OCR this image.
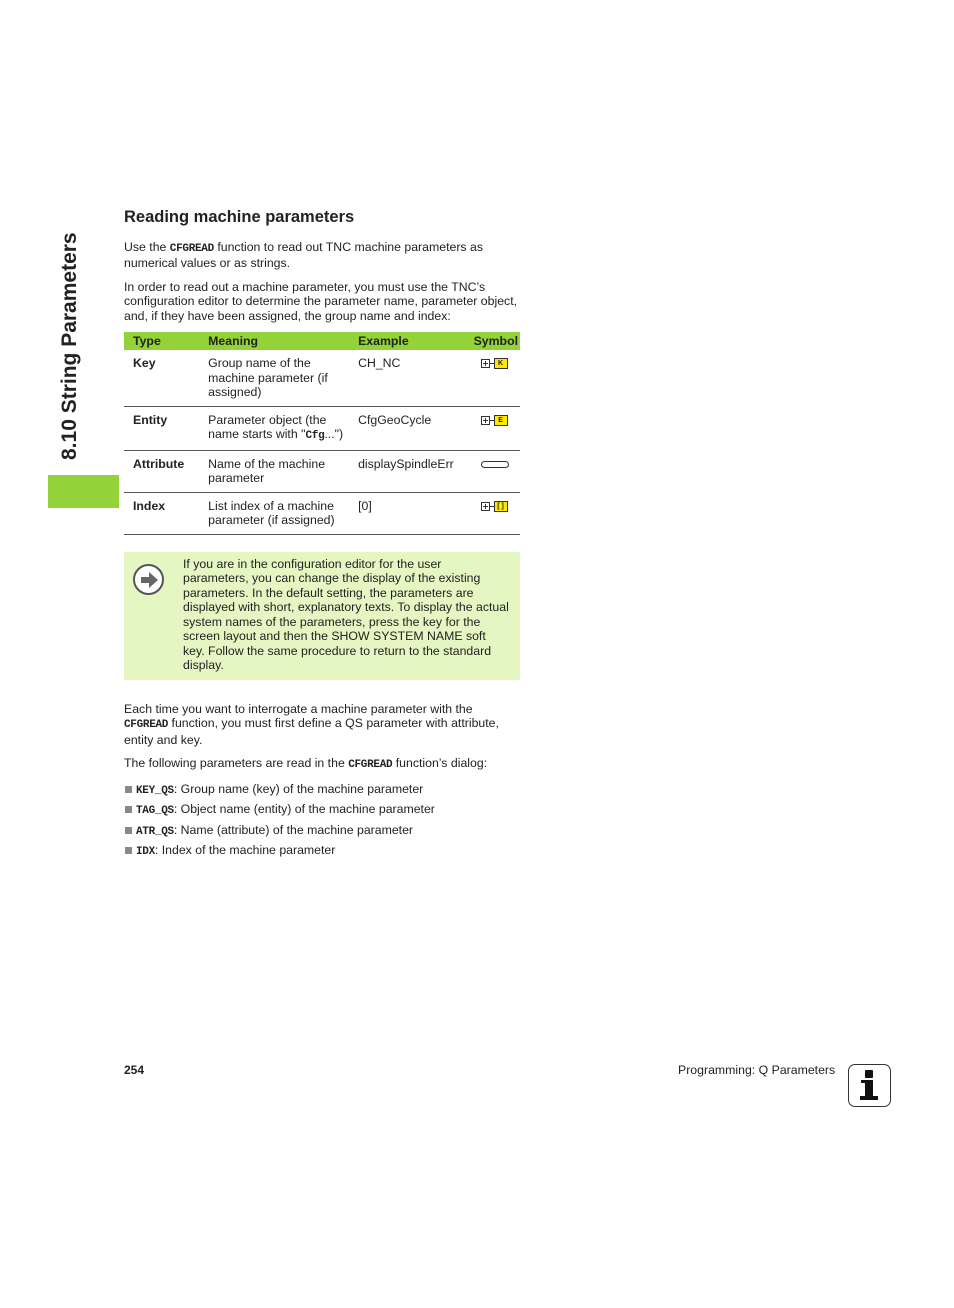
8.10 String Parameters
Reading machine parameters

Use the CFGREAD function to read out TNC machine parameters as numerical values or as strings.

In order to read out a machine parameter, you must use the TNC’s configuration editor to determine the parameter name, parameter object, and, if they have been assigned, the group name and index:

Type	Meaning	Example	Symbol
Key	Group name of the machine parameter (if assigned)	CH_NC	K

Entity	Parameter object (the name starts with "Cfg...")	CfgGeoCycle	E

Attribute	Name of the machine parameter	displaySpindleErr	

Index	List index of a machine parameter (if assigned)	[0]	[ ]
If you are in the configuration editor for the user parameters, you can change the display of the existing parameters. In the default setting, the parameters are displayed with short, explanatory texts. To display the actual system names of the parameters, press the key for the screen layout and then the SHOW SYSTEM NAME soft key. Follow the same procedure to return to the standard display.

Each time you want to interrogate a machine parameter with the CFGREAD function, you must first define a QS parameter with attribute, entity and key.

The following parameters are read in the CFGREAD function’s dialog:

KEY_QS: Group name (key) of the machine parameter
TAG_QS: Object name (entity) of the machine parameter
ATR_QS: Name (attribute) of the machine parameter
IDX: Index of the machine parameter
254	Programming: Q Parameters
